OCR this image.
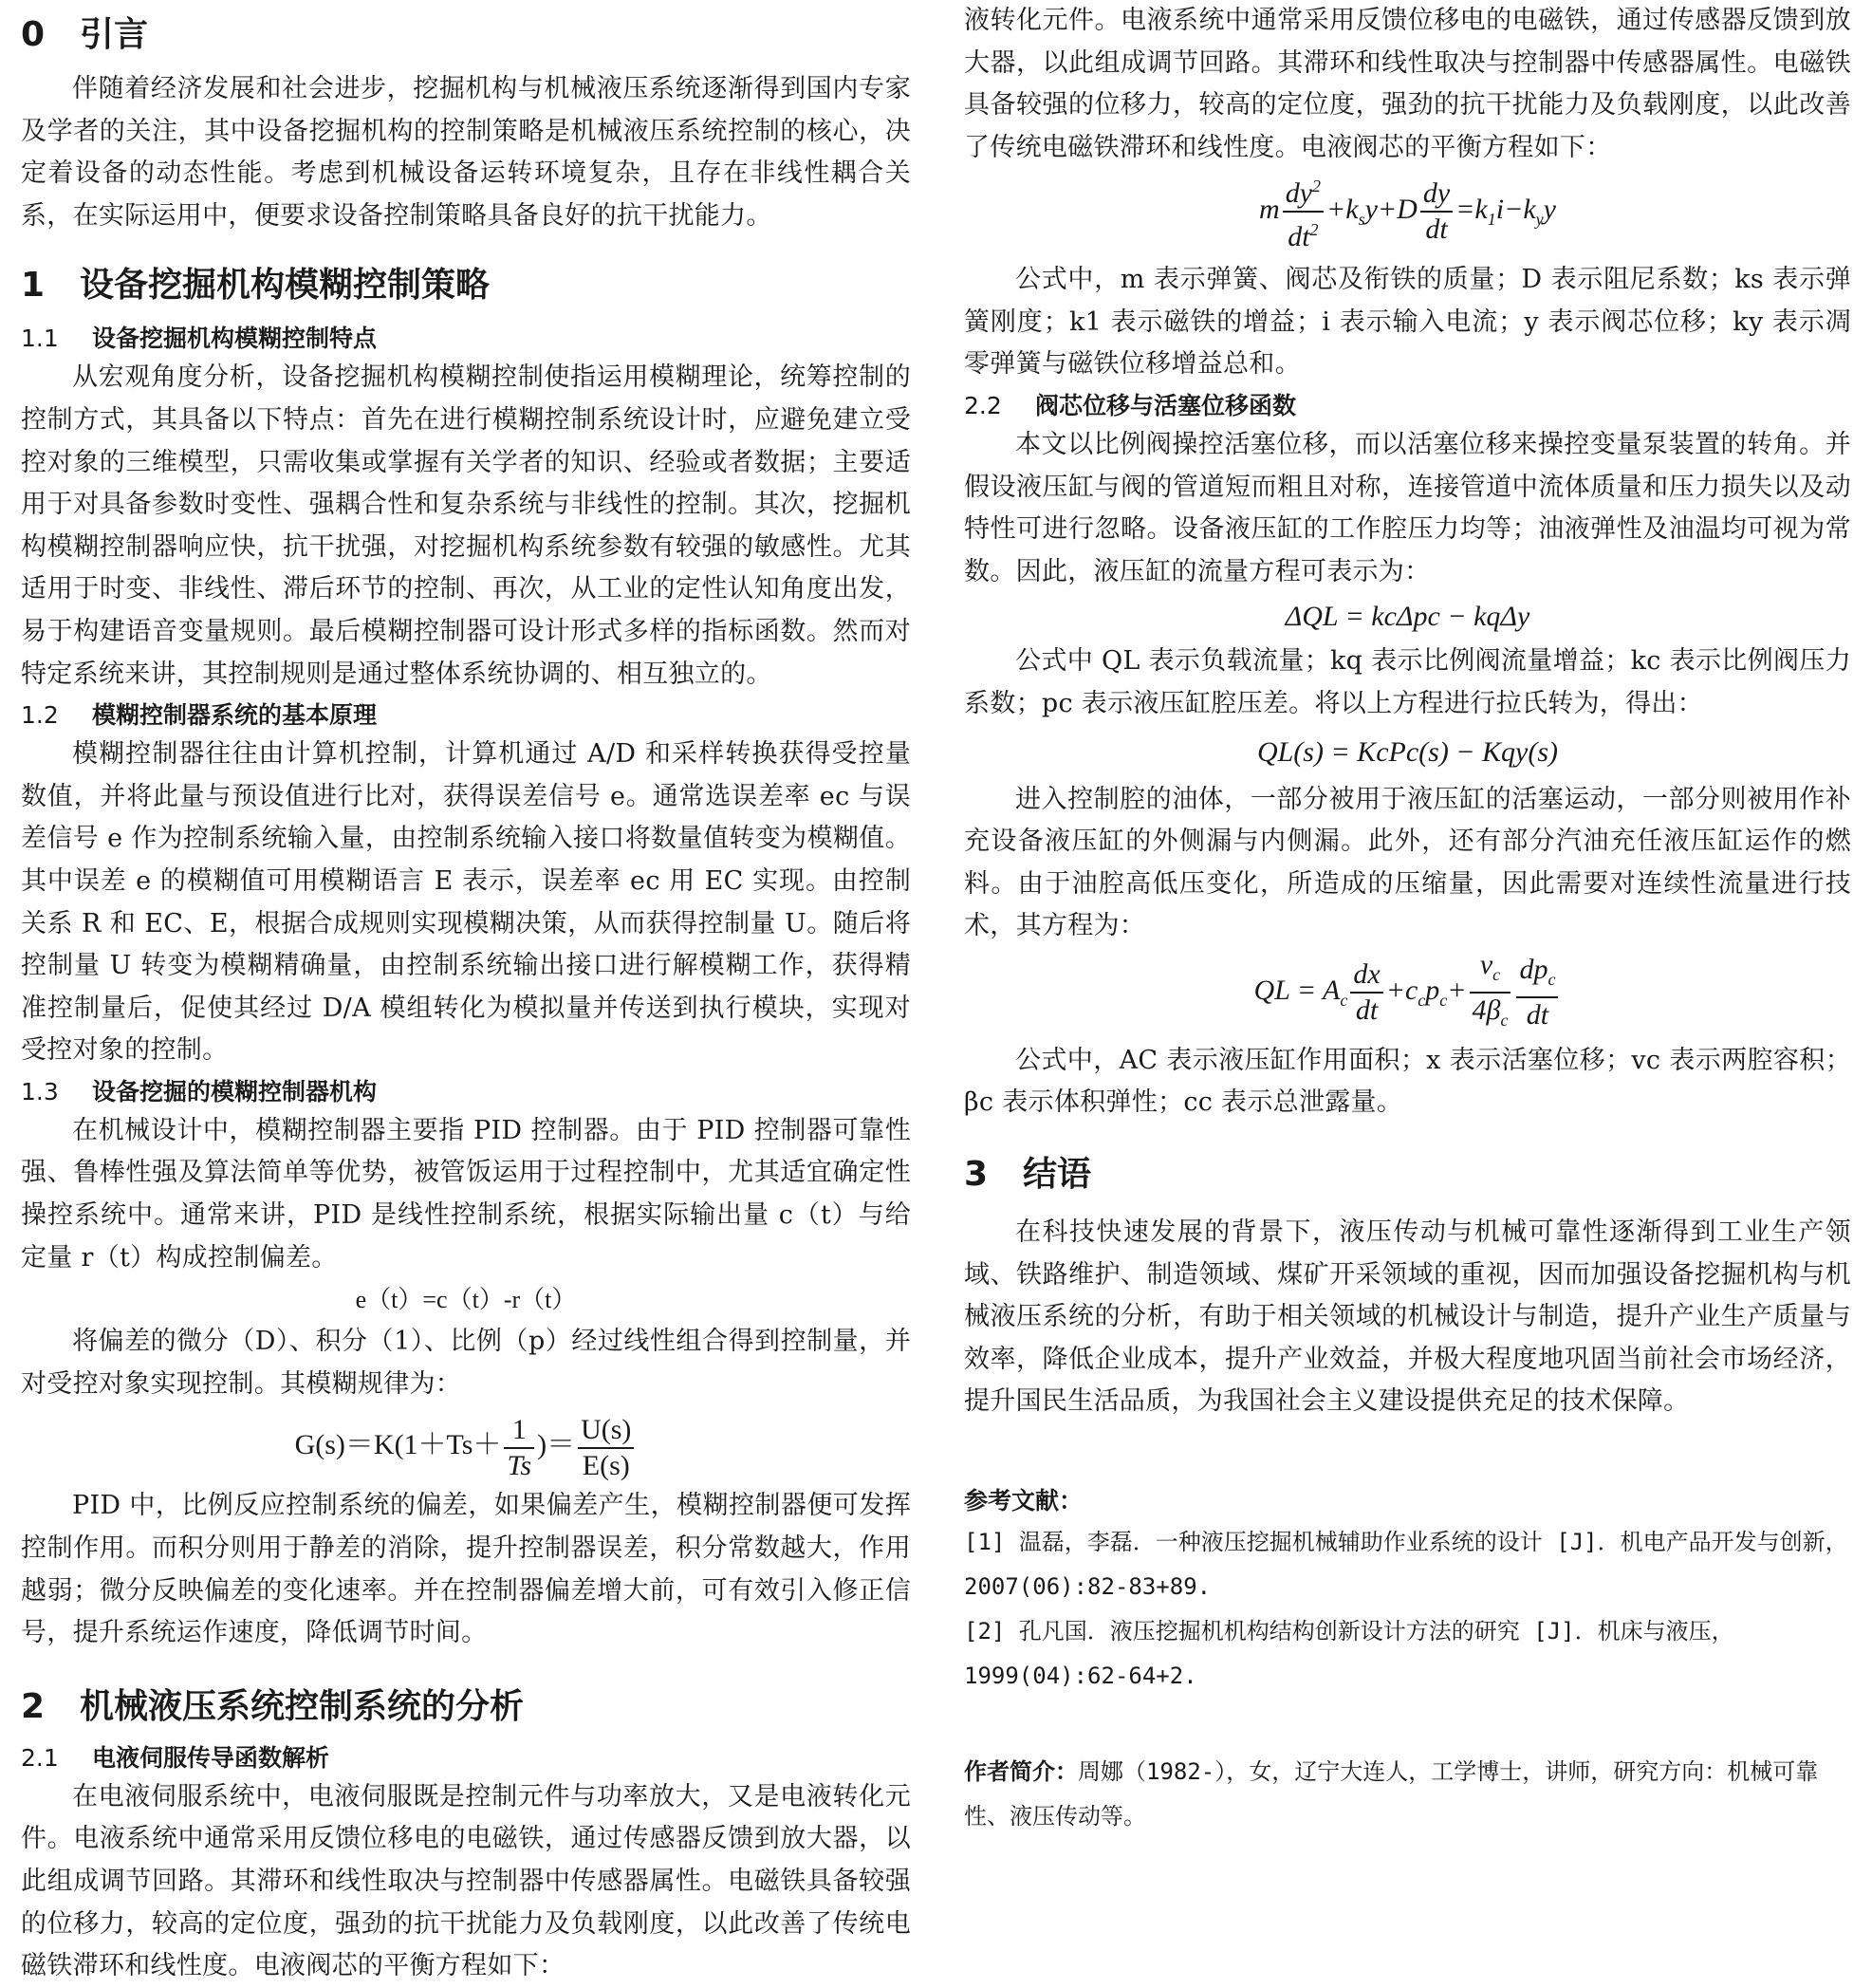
0 引言

伴随着经济发展和社会进步，挖掘机构与机械液压系统逐渐得到国内专家及学者的关注，其中设备挖掘机构的控制策略是机械液压系统控制的核心，决定着设备的动态性能。考虑到机械设备运转环境复杂，且存在非线性耦合关系，在实际运用中，便要求设备控制策略具备良好的抗干扰能力。

1 设备挖掘机构模糊控制策略
1.1 设备挖掘机构模糊控制特点

从宏观角度分析，设备挖掘机构模糊控制使指运用模糊理论，统筹控制的控制方式，其具备以下特点：首先在进行模糊控制系统设计时，应避免建立受控对象的三维模型，只需收集或掌握有关学者的知识、经验或者数据；主要适用于对具备参数时变性、强耦合性和复杂系统与非线性的控制。其次，挖掘机构模糊控制器响应快，抗干扰强，对挖掘机构系统参数有较强的敏感性。尤其适用于时变、非线性、滞后环节的控制、再次，从工业的定性认知角度出发，易于构建语音变量规则。最后模糊控制器可设计形式多样的指标函数。然而对特定系统来讲，其控制规则是通过整体系统协调的、相互独立的。

1.2 模糊控制器系统的基本原理

模糊控制器往往由计算机控制，计算机通过 A/D 和采样转换获得受控量数值，并将此量与预设值进行比对，获得误差信号 e。通常选误差率 ec 与误差信号 e 作为控制系统输入量，由控制系统输入接口将数量值转变为模糊值。其中误差 e 的模糊值可用模糊语言 E 表示，误差率 ec 用 EC 实现。由控制关系 R 和 EC、E，根据合成规则实现模糊决策，从而获得控制量 U。随后将控制量 U 转变为模糊精确量，由控制系统输出接口进行解模糊工作，获得精准控制量后，促使其经过 D/A 模组转化为模拟量并传送到执行模块，实现对受控对象的控制。

1.3 设备挖掘的模糊控制器机构

在机械设计中，模糊控制器主要指 PID 控制器。由于 PID 控制器可靠性强、鲁棒性强及算法简单等优势，被管饭运用于过程控制中，尤其适宜确定性操控系统中。通常来讲，PID 是线性控制系统，根据实际输出量 c（t）与给定量 r（t）构成控制偏差。

e（t）=c（t）-r（t）

将偏差的微分（D）、积分（1）、比例（p）经过线性组合得到控制量，并对受控对象实现控制。其模糊规律为：

$G(s)=K(1+Ts+ \frac{1}{Ts}$ )＝ $\frac{U(s)}{E(s)}$

PID 中，比例反应控制系统的偏差，如果偏差产生，模糊控制器便可发挥控制作用。而积分则用于静差的消除，提升控制器误差，积分常数越大，作用越弱；微分反映偏差的变化速率。并在控制器偏差增大前，可有效引入修正信号，提升系统运作速度，降低调节时间。

2 机械液压系统控制系统的分析
2.1 电液伺服传导函数解析

在电液伺服系统中，电液伺服既是控制元件与功率放大，又是电液转化元件。电液系统中通常采用反馈位移电的电磁铁，通过传感器反馈到放大器，以此组成调节回路。其滞环和线性取决与控制器中传感器属性。电磁铁具备较强的位移力，较高的定位度，强劲的抗干扰能力及负载刚度，以此改善了传统电磁铁滞环和线性度。电液阀芯的平衡方程如下：

液转化元件。电液系统中通常采用反馈位移电的电磁铁，通过传感器反馈到放大器，以此组成调节回路。其滞环和线性取决与控制器中传感器属性。电磁铁具备较强的位移力，较高的定位度，强劲的抗干扰能力及负载刚度，以此改善了传统电磁铁滞环和线性度。电液阀芯的平衡方程如下：

m $\frac{dy^2}{dt^2} +k_sy+D \frac{dy}{dt} =k_1i-k_yy$

公式中，m 表示弹簧、阀芯及衔铁的质量；D 表示阻尼系数；ks 表示弹簧刚度；k1 表示磁铁的增益；i 表示输入电流；y 表示阀芯位移；ky 表示凋零弹簧与磁铁位移增益总和。

2.2 阀芯位移与活塞位移函数

本文以比例阀操控活塞位移，而以活塞位移来操控变量泵装置的转角。并假设液压缸与阀的管道短而粗且对称，连接管道中流体质量和压力损失以及动特性可进行忽略。设备液压缸的工作腔压力均等；油液弹性及油温均可视为常数。因此，液压缸的流量方程可表示为：

ΔQL = kcΔpc − kqΔy

公式中 QL 表示负载流量；kq 表示比例阀流量增益；kc 表示比例阀压力系数；pc 表示液压缸腔压差。将以上方程进行拉氏转为，得出：

QL(s) = KcPc(s) − Kqy(s)

进入控制腔的油体，一部分被用于液压缸的活塞运动，一部分则被用作补充设备液压缸的外侧漏与内侧漏。此外，还有部分汽油充任液压缸运作的燃料。由于油腔高低压变化，所造成的压缩量，因此需要对连续性流量进行技术，其方程为：

QL = $A_c \frac{dx}{dt} +c_cp_c+ \frac{v_c}{4\beta_c} \frac{dp_c}{dt}$

公式中，AC 表示液压缸作用面积；x 表示活塞位移；vc 表示两腔容积；βc 表示体积弹性；cc 表示总泄露量。

3 结语

在科技快速发展的背景下，液压传动与机械可靠性逐渐得到工业生产领域、铁路维护、制造领域、煤矿开采领域的重视，因而加强设备挖掘机构与机械液压系统的分析，有助于相关领域的机械设计与制造，提升产业生产质量与效率，降低企业成本，提升产业效益，并极大程度地巩固当前社会市场经济，提升国民生活品质，为我国社会主义建设提供充足的技术保障。

参考文献：

[1] 温磊，李磊．一种液压挖掘机械辅助作业系统的设计 [J]．机电产品开发与创新，2007(06):82-83+89.

[2] 孔凡国．液压挖掘机机构结构创新设计方法的研究 [J]．机床与液压，1999(04):62-64+2.

作者简介：周娜（1982-），女，辽宁大连人，工学博士，讲师，研究方向：机械可靠性、液压传动等。
